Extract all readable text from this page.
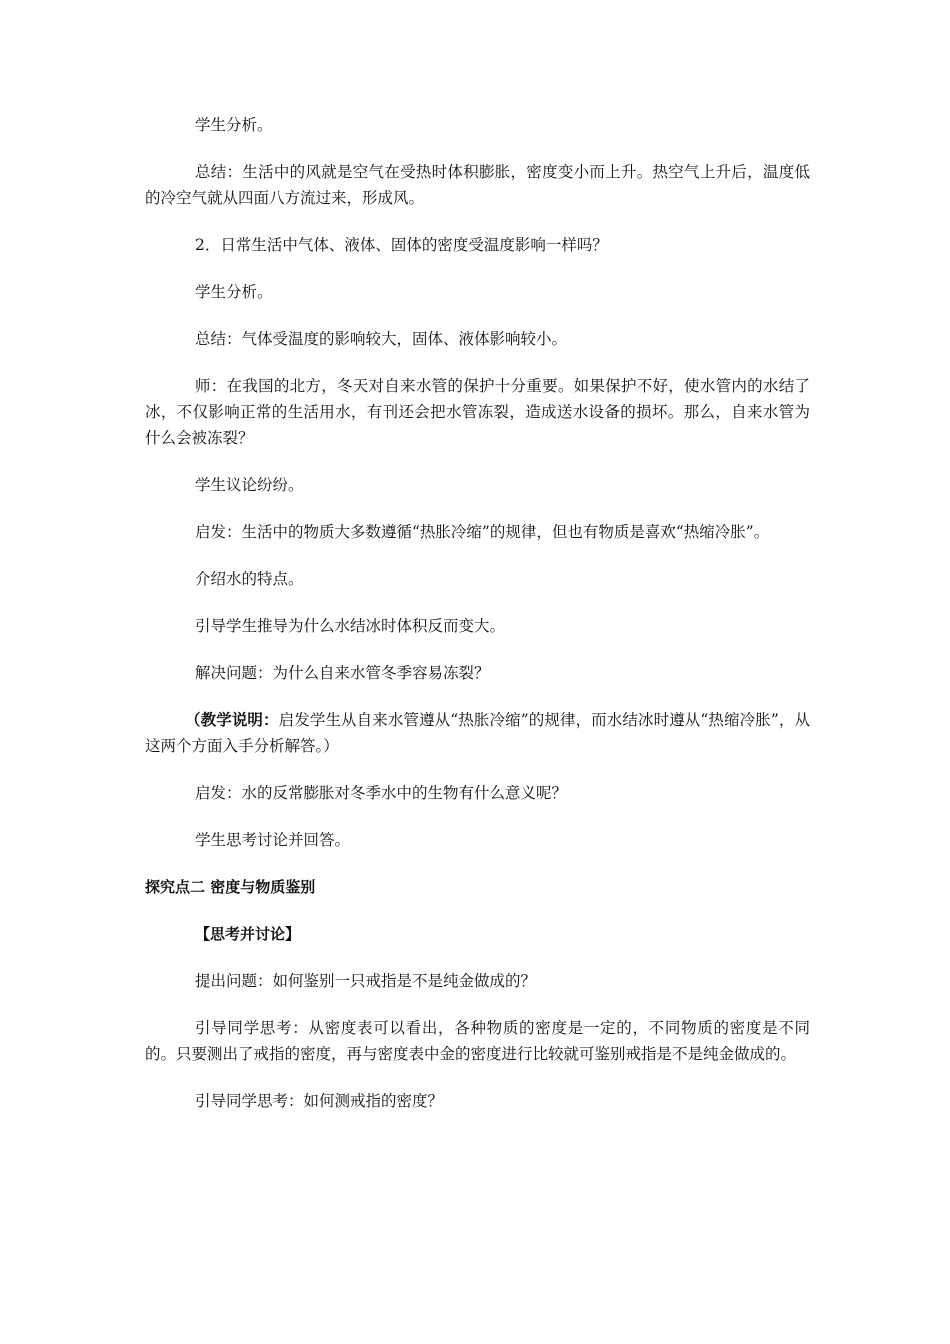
学生分析。

总结：生活中的风就是空气在受热时体积膨胀，密度变小而上升。热空气上升后，温度低的冷空气就从四面八方流过来，形成风。

2．日常生活中气体、液体、固体的密度受温度影响一样吗？

学生分析。

总结：气体受温度的影响较大，固体、液体影响较小。

师：在我国的北方，冬天对自来水管的保护十分重要。如果保护不好，使水管内的水结了冰，不仅影响正常的生活用水，有刊还会把水管冻裂，造成送水设备的损坏。那么，自来水管为什么会被冻裂？

学生议论纷纷。

启发：生活中的物质大多数遵循“热胀冷缩”的规律，但也有物质是喜欢“热缩冷胀”。

介绍水的特点。

引导学生推导为什么水结冰时体积反而变大。

解决问题：为什么自来水管冬季容易冻裂？

（教学说明：启发学生从自来水管遵从“热胀冷缩”的规律，而水结冰时遵从“热缩冷胀”，从这两个方面入手分析解答。）

启发：水的反常膨胀对冬季水中的生物有什么意义呢？

学生思考讨论并回答。

探究点二 密度与物质鉴别

【思考并讨论】

提出问题：如何鉴别一只戒指是不是纯金做成的？

引导同学思考：从密度表可以看出，各种物质的密度是一定的，不同物质的密度是不同的。只要测出了戒指的密度，再与密度表中金的密度进行比较就可鉴别戒指是不是纯金做成的。

引导同学思考：如何测戒指的密度？
